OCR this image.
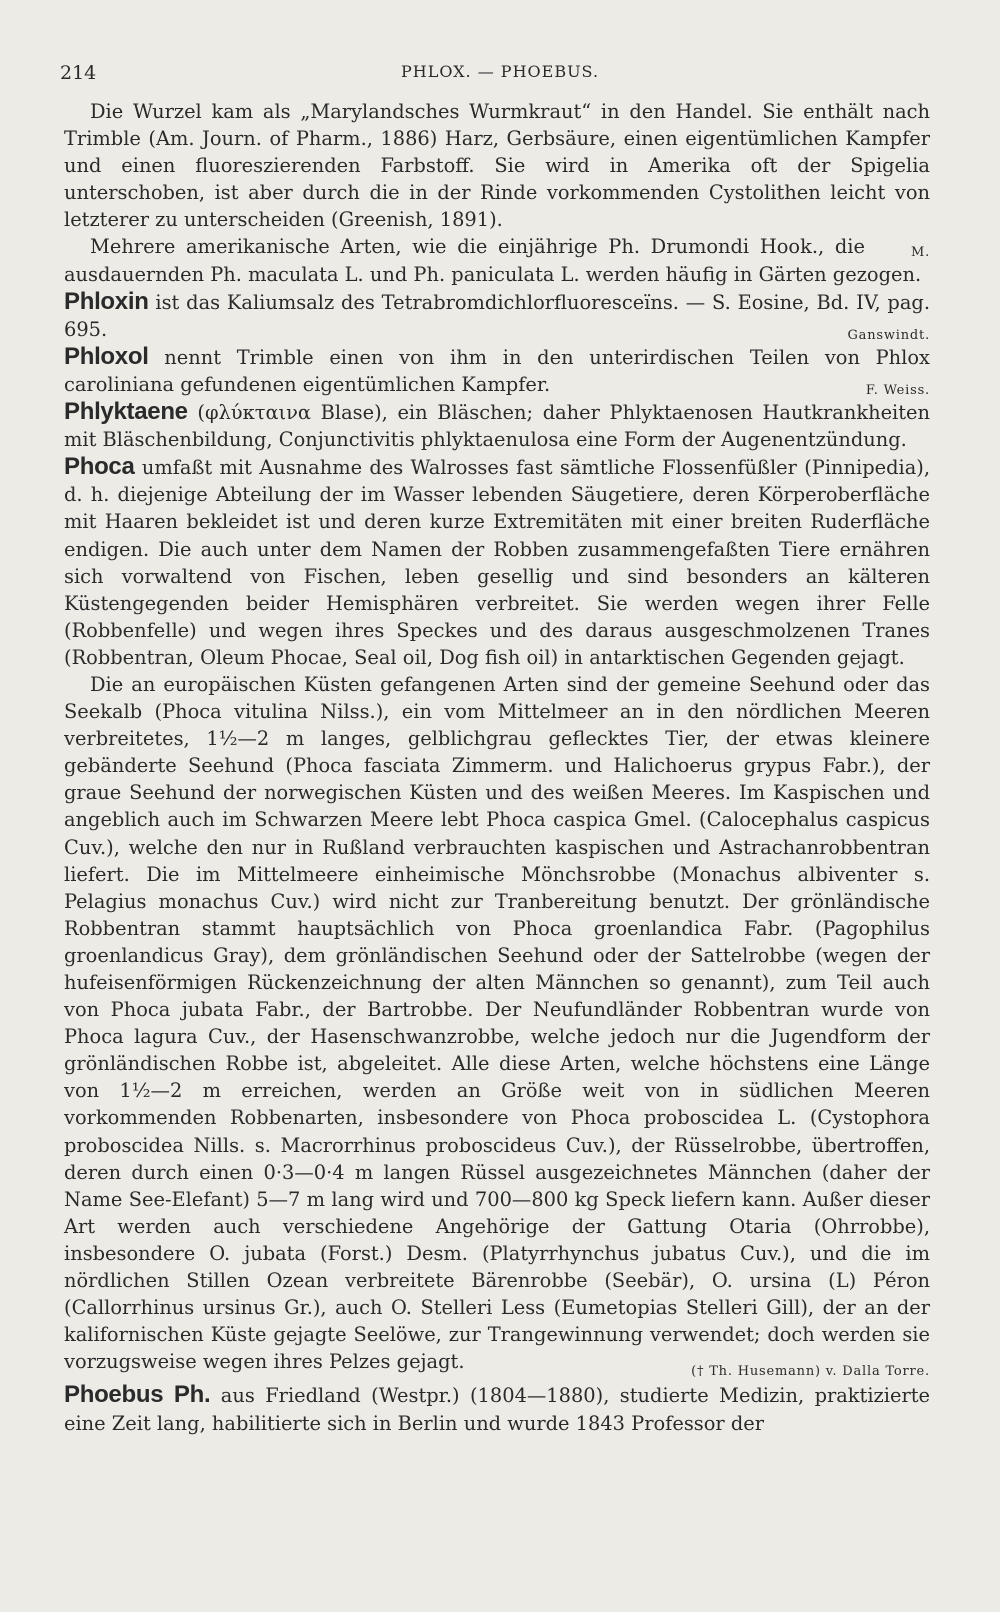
214	PHLOX. — PHOEBUS.

Die Wurzel kam als „Marylandsches Wurmkraut“ in den Handel. Sie enthält nach Trimble (Am. Journ. of Pharm., 1886) Harz, Gerbsäure, einen eigentümlichen Kampfer und einen fluoreszierenden Farbstoff. Sie wird in Amerika oft der Spigelia unterschoben, ist aber durch die in der Rinde vorkommenden Cystolithen leicht von letzterer zu unterscheiden (Greenish, 1891).

M.
Mehrere amerikanische Arten, wie die einjährige Ph. Drumondi Hook., die ausdauernden Ph. maculata L. und Ph. paniculata L. werden häufig in Gärten gezogen.

Phloxin ist das Kaliumsalz des Tetrabromdichlorfluoresceïns. — S. Eosine, Bd. IV, pag. 695.	Ganswindt.

Phloxol nennt Trimble einen von ihm in den unterirdischen Teilen von Phlox caroliniana gefundenen eigentümlichen Kampfer.	F. Weiss.

Phlyktaene (φλύκταινα Blase), ein Bläschen; daher Phlyktaenosen Hautkrankheiten mit Bläschenbildung, Conjunctivitis phlyktaenulosa eine Form der Augenentzündung.

Phoca umfaßt mit Ausnahme des Walrosses fast sämtliche Flossenfüßler (Pinnipedia), d. h. diejenige Abteilung der im Wasser lebenden Säugetiere, deren Körperoberfläche mit Haaren bekleidet ist und deren kurze Extremitäten mit einer breiten Ruderfläche endigen. Die auch unter dem Namen der Robben zusammengefaßten Tiere ernähren sich vorwaltend von Fischen, leben gesellig und sind besonders an kälteren Küstengegenden beider Hemisphären verbreitet. Sie werden wegen ihrer Felle (Robbenfelle) und wegen ihres Speckes und des daraus ausgeschmolzenen Tranes (Robbentran, Oleum Phocae, Seal oil, Dog fish oil) in antarktischen Gegenden gejagt.

Die an europäischen Küsten gefangenen Arten sind der gemeine Seehund oder das Seekalb (Phoca vitulina Nilss.), ein vom Mittelmeer an in den nördlichen Meeren verbreitetes, 1½—2 m langes, gelblichgrau geflecktes Tier, der etwas kleinere gebänderte Seehund (Phoca fasciata Zimmerm. und Halichoerus grypus Fabr.), der graue Seehund der norwegischen Küsten und des weißen Meeres. Im Kaspischen und angeblich auch im Schwarzen Meere lebt Phoca caspica Gmel. (Calocephalus caspicus Cuv.), welche den nur in Rußland verbrauchten kaspischen und Astrachanrobbentran liefert. Die im Mittelmeere einheimische Mönchsrobbe (Monachus albiventer s. Pelagius monachus Cuv.) wird nicht zur Tranbereitung benutzt. Der grönländische Robbentran stammt hauptsächlich von Phoca groenlandica Fabr. (Pagophilus groenlandicus Gray), dem grönländischen Seehund oder der Sattelrobbe (wegen der hufeisenförmigen Rückenzeichnung der alten Männchen so genannt), zum Teil auch von Phoca jubata Fabr., der Bartrobbe. Der Neufundländer Robbentran wurde von Phoca lagura Cuv., der Hasenschwanzrobbe, welche jedoch nur die Jugendform der grönländischen Robbe ist, abgeleitet. Alle diese Arten, welche höchstens eine Länge von 1½—2 m erreichen, werden an Größe weit von in südlichen Meeren vorkommenden Robbenarten, insbesondere von Phoca proboscidea L. (Cystophora proboscidea Nills. s. Macrorrhinus proboscideus Cuv.), der Rüsselrobbe, übertroffen, deren durch einen 0·3—0·4 m langen Rüssel ausgezeichnetes Männchen (daher der Name See-Elefant) 5—7 m lang wird und 700—800 kg Speck liefern kann. Außer dieser Art werden auch verschiedene Angehörige der Gattung Otaria (Ohrrobbe), insbesondere O. jubata (Forst.) Desm. (Platyrrhynchus jubatus Cuv.), und die im nördlichen Stillen Ozean verbreitete Bärenrobbe (Seebär), O. ursina (L) Péron (Callorrhinus ursinus Gr.), auch O. Stelleri Less (Eumetopias Stelleri Gill), der an der kalifornischen Küste gejagte Seelöwe, zur Trangewinnung verwendet; doch werden sie vorzugsweise wegen ihres Pelzes gejagt.	(† Th. Husemann) v. Dalla Torre.

Phoebus Ph. aus Friedland (Westpr.) (1804—1880), studierte Medizin, praktizierte eine Zeit lang, habilitierte sich in Berlin und wurde 1843 Professor der
